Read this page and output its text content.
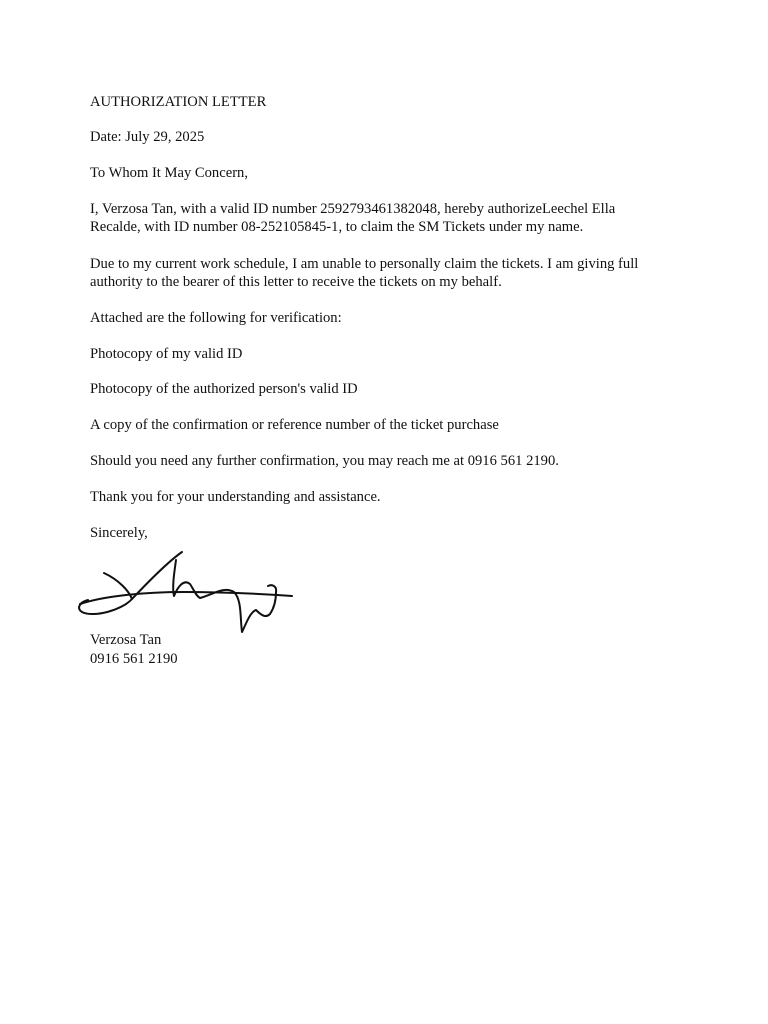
AUTHORIZATION LETTER

Date: July 29, 2025

To Whom It May Concern,

I, Verzosa Tan, with a valid ID number 2592793461382048, hereby authorizeLeechel Ella Recalde, with ID number 08-252105845-1, to claim the SM Tickets under my name.

Due to my current work schedule, I am unable to personally claim the tickets. I am giving full authority to the bearer of this letter to receive the tickets on my behalf.

Attached are the following for verification:

Photocopy of my valid ID

Photocopy of the authorized person's valid ID

A copy of the confirmation or reference number of the ticket purchase

Should you need any further confirmation, you may reach me at 0916 561 2190.

Thank you for your understanding and assistance.

Sincerely,

Verzosa Tan

0916 561 2190
